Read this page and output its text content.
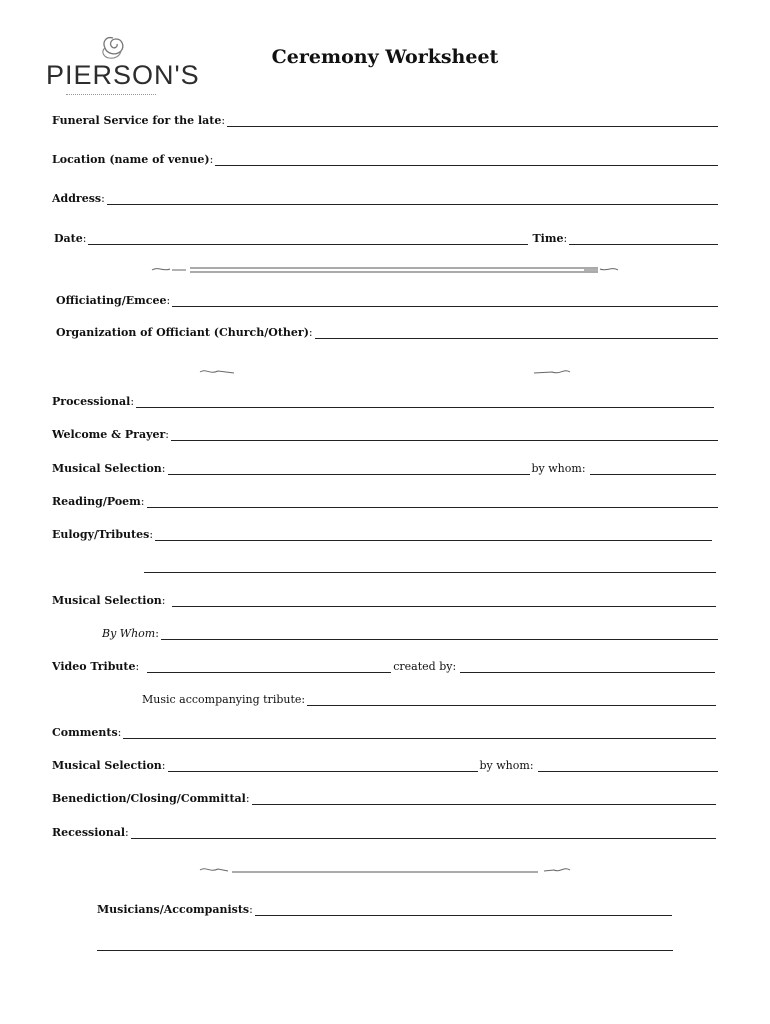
PIERSON'S
Ceremony Worksheet
Funeral Service for the late :
Location (name of venue) :
Address :
Date :	Time :
Officiating/Emcee :
Organization of Officiant (Church/Other) :
Processional :
Welcome & Prayer :
Musical Selection :	by whom:
Reading/Poem :
Eulogy/Tributes :
Musical Selection :
By Whom :
Video Tribute :	created by:
Music accompanying tribute:
Comments :
Musical Selection :	by whom:
Benediction/Closing/Committal :
Recessional :
Musicians/Accompanists :
